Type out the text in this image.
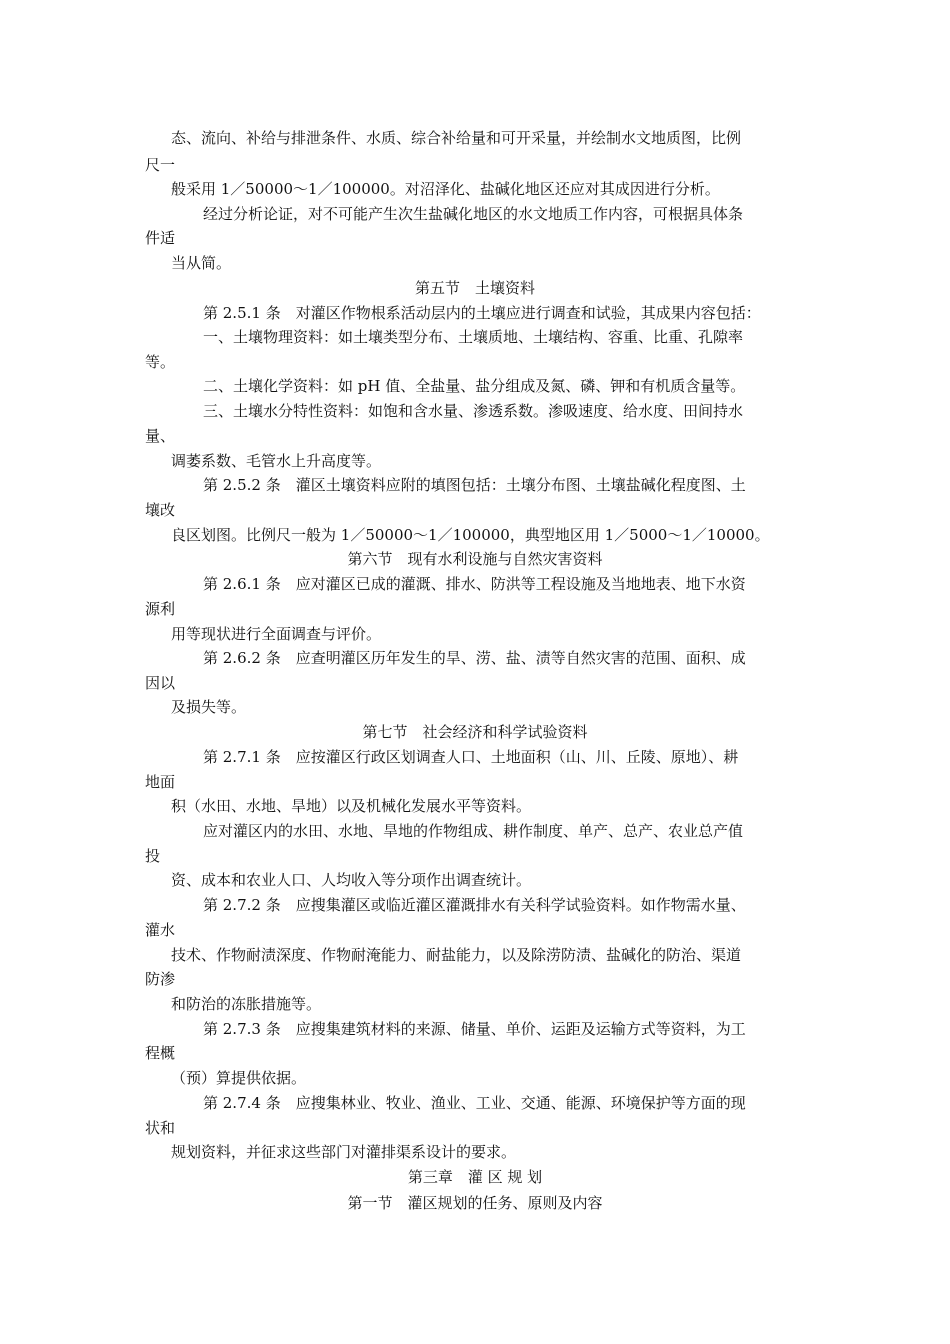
态、流向、补给与排泄条件、水质、综合补给量和可开采量，并绘制水文地质图，比例
尺一
般采用 1／50000～1／100000。对沼泽化、盐碱化地区还应对其成因进行分析。
经过分析论证，对不可能产生次生盐碱化地区的水文地质工作内容，可根据具体条
件适
当从简。
第五节　土壤资料
第 2.5.1 条　对灌区作物根系活动层内的土壤应进行调查和试验，其成果内容包括：
一、土壤物理资料：如土壤类型分布、土壤质地、土壤结构、容重、比重、孔隙率
等。
二、土壤化学资料：如 pH 值、全盐量、盐分组成及氮、磷、钾和有机质含量等。
三、土壤水分特性资料：如饱和含水量、渗透系数。渗吸速度、给水度、田间持水
量、
调萎系数、毛管水上升高度等。
第 2.5.2 条　灌区土壤资料应附的填图包括：土壤分布图、土壤盐碱化程度图、土
壤改
良区划图。比例尺一般为 1／50000～1／100000，典型地区用 1／5000～1／10000。
第六节　现有水利设施与自然灾害资料
第 2.6.1 条　应对灌区已成的灌溉、排水、防洪等工程设施及当地地表、地下水资
源利
用等现状进行全面调查与评价。
第 2.6.2 条　应查明灌区历年发生的旱、涝、盐、渍等自然灾害的范围、面积、成
因以
及损失等。
第七节　社会经济和科学试验资料
第 2.7.1 条　应按灌区行政区划调查人口、土地面积（山、川、丘陵、原地）、耕
地面
积（水田、水地、旱地）以及机械化发展水平等资料。
应对灌区内的水田、水地、旱地的作物组成、耕作制度、单产、总产、农业总产值
投
资、成本和农业人口、人均收入等分项作出调查统计。
第 2.7.2 条　应搜集灌区或临近灌区灌溉排水有关科学试验资料。如作物需水量、
灌水
技术、作物耐渍深度、作物耐淹能力、耐盐能力，以及除涝防渍、盐碱化的防治、渠道
防渗
和防治的冻胀措施等。
第 2.7.3 条　应搜集建筑材料的来源、储量、单价、运距及运输方式等资料，为工
程概
（预）算提供依据。
第 2.7.4 条　应搜集林业、牧业、渔业、工业、交通、能源、环境保护等方面的现
状和
规划资料，并征求这些部门对灌排渠系设计的要求。
第三章　灌 区 规 划
第一节　灌区规划的任务、原则及内容
